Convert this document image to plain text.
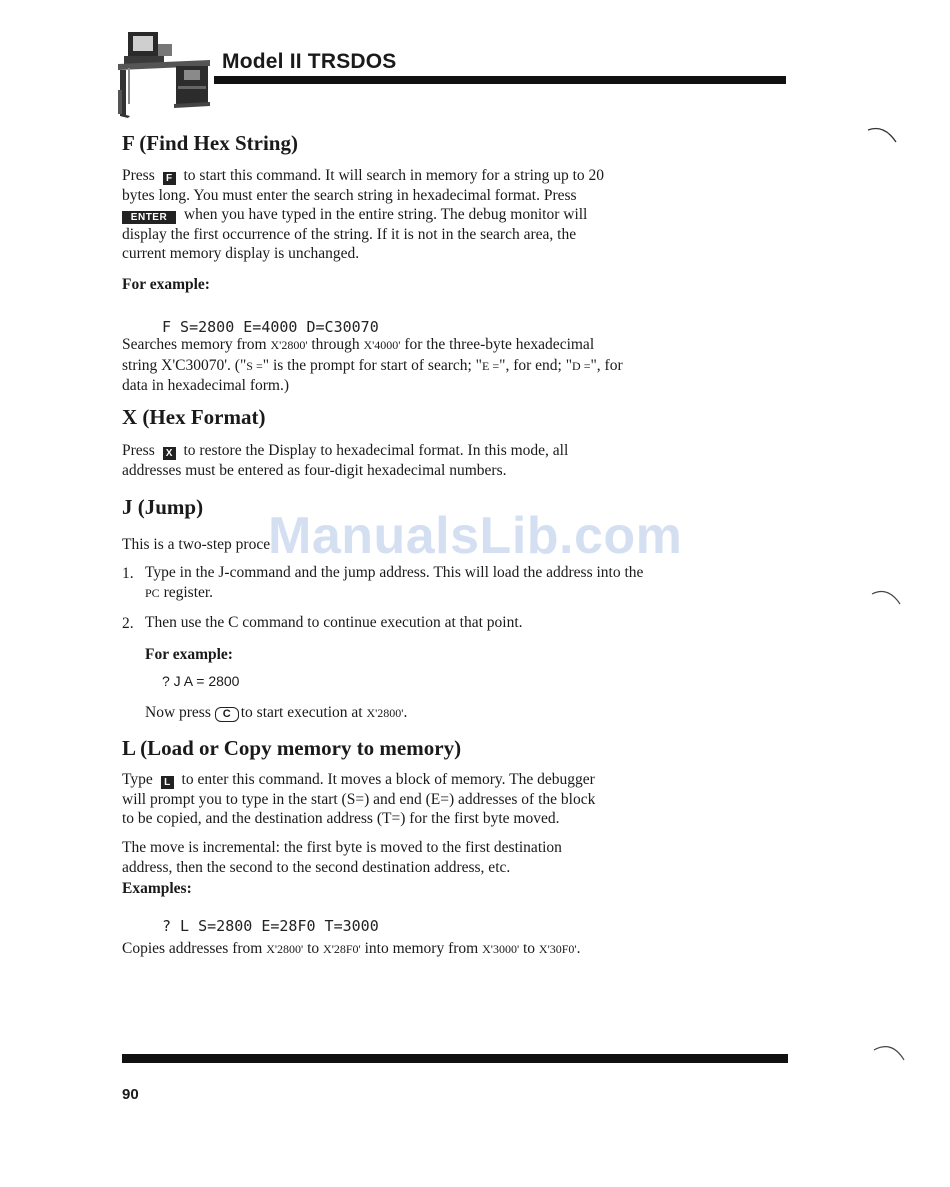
Model II TRSDOS
F (Find Hex String)
Press F to start this command. It will search in memory for a string up to 20
bytes long. You must enter the search string in hexadecimal format. Press
ENTER when you have typed in the entire string. The debug monitor will
display the first occurrence of the string. If it is not in the search area, the
current memory display is unchanged.
For example:
F S=2800 E=4000 D=C30070
Searches memory from X'2800' through X'4000' for the three-byte hexadecimal
string X'C30070'. ("S =" is the prompt for start of search; "E =", for end; "D =", for
data in hexadecimal form.)
X (Hex Format)
Press X to restore the Display to hexadecimal format. In this mode, all
addresses must be entered as four-digit hexadecimal numbers.
J (Jump)
This is a two-step proce
ManualsLib.com
1. Type in the J-command and the jump address. This will load the address into the
PC register.
2. Then use the C command to continue execution at that point.
For example:
? J A = 2800
Now press C to start execution at X'2800'.
L (Load or Copy memory to memory)
Type L to enter this command. It moves a block of memory. The debugger
will prompt you to type in the start (S=) and end (E=) addresses of the block
to be copied, and the destination address (T=) for the first byte moved.
The move is incremental: the first byte is moved to the first destination
address, then the second to the second destination address, etc.
Examples:
? L S=2800 E=28F0 T=3000
Copies addresses from X'2800' to X'28F0' into memory from X'3000' to X'30F0'.
90
